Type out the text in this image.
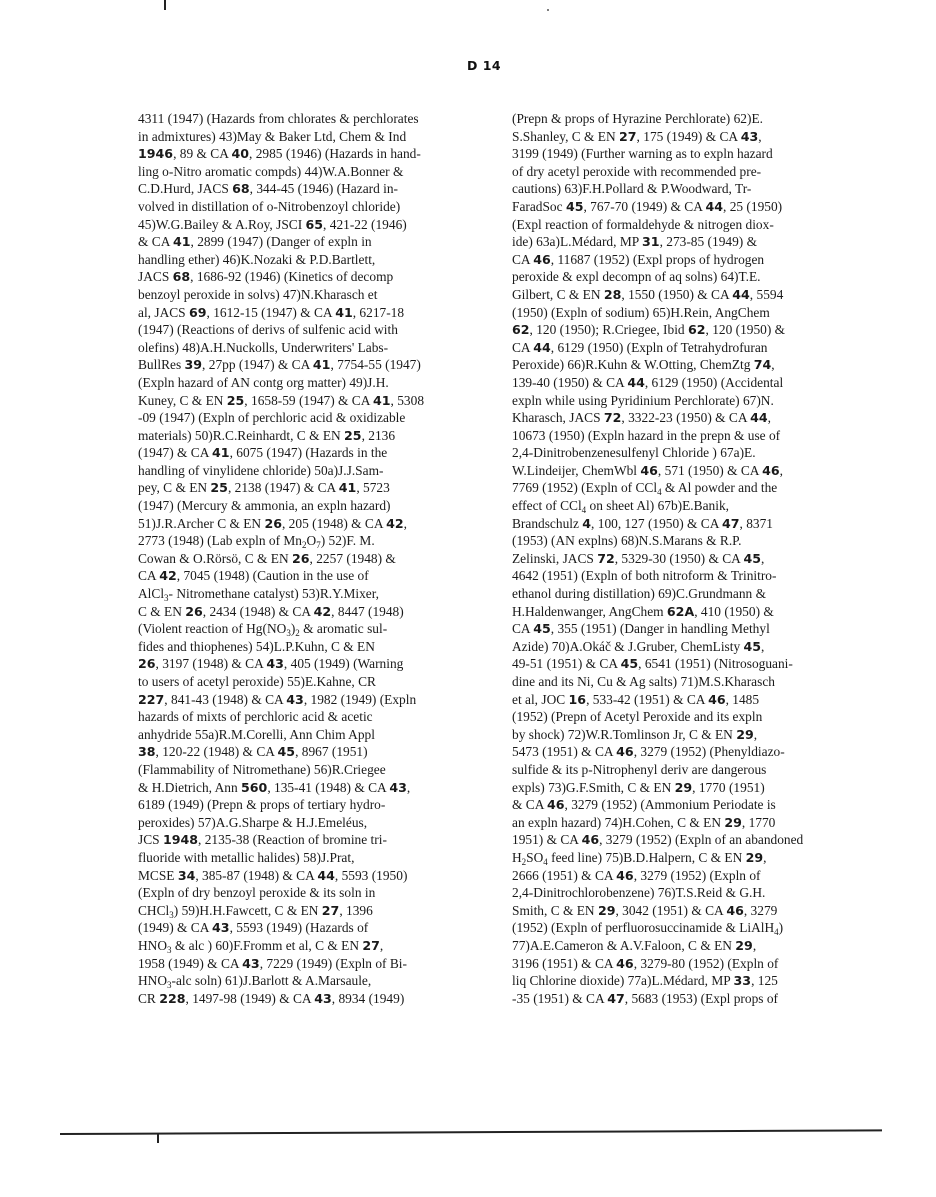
D 14
4311 (1947) (Hazards from chlorates & perchlorates
in admixtures) 43)May & Baker Ltd, Chem & Ind
1946, 89 & CA 40, 2985 (1946) (Hazards in hand-
ling o-Nitro aromatic compds) 44)W.A.Bonner &
C.D.Hurd, JACS 68, 344-45 (1946) (Hazard in-
volved in distillation of o-Nitrobenzoyl chloride)
45)W.G.Bailey & A.Roy, JSCI 65, 421-22 (1946)
& CA 41, 2899 (1947) (Danger of expln in
handling ether) 46)K.Nozaki & P.D.Bartlett,
JACS 68, 1686-92 (1946) (Kinetics of decomp
benzoyl peroxide in solvs) 47)N.Kharasch et
al, JACS 69, 1612-15 (1947) & CA 41, 6217-18
(1947) (Reactions of derivs of sulfenic acid with
olefins) 48)A.H.Nuckolls, Underwriters' Labs-
BullRes 39, 27pp (1947) & CA 41, 7754-55 (1947)
(Expln hazard of AN contg org matter) 49)J.H.
Kuney, C & EN 25, 1658-59 (1947) & CA 41, 5308
-09 (1947) (Expln of perchloric acid & oxidizable
materials) 50)R.C.Reinhardt, C & EN 25, 2136
(1947) & CA 41, 6075 (1947) (Hazards in the
handling of vinylidene chloride) 50a)J.J.Sam-
pey, C & EN 25, 2138 (1947) & CA 41, 5723
(1947) (Mercury & ammonia, an expln hazard)
51)J.R.Archer C & EN 26, 205 (1948) & CA 42,
2773 (1948) (Lab expln of $Mn_2O_7$) 52)F. M.
Cowan & O.Rörsö, C & EN 26, 2257 (1948) &
CA 42, 7045 (1948) (Caution in the use of
AlCl$_3$- Nitromethane catalyst) 53)R.Y.Mixer,
C & EN 26, 2434 (1948) & CA 42, 8447 (1948)
(Violent reaction of $Hg(NO_3)_2$ & aromatic sul-
fides and thiophenes) 54)L.P.Kuhn, C & EN
26, 3197 (1948) & CA 43, 405 (1949) (Warning
to users of acetyl peroxide) 55)E.Kahne, CR
227, 841-43 (1948) & CA 43, 1982 (1949) (Expln
hazards of mixts of perchloric acid & acetic
anhydride 55a)R.M.Corelli, Ann Chim Appl
38, 120-22 (1948) & CA 45, 8967 (1951)
(Flammability of Nitromethane) 56)R.Criegee
& H.Dietrich, Ann 560, 135-41 (1948) & CA 43,
6189 (1949) (Prepn & props of tertiary hydro-
peroxides) 57)A.G.Sharpe & H.J.Emeléus,
JCS 1948, 2135-38 (Reaction of bromine tri-
fluoride with metallic halides) 58)J.Prat,
MCSE 34, 385-87 (1948) & CA 44, 5593 (1950)
(Expln of dry benzoyl peroxide & its soln in
CHCl$_3$) 59)H.H.Fawcett, C & EN 27, 1396
(1949) & CA 43, 5593 (1949) (Hazards of
$HNO_3$ & alc ) 60)F.Fromm et al, C & EN 27,
1958 (1949) & CA 43, 7229 (1949) (Expln of Bi-
$HNO_3$-alc soln) 61)J.Barlott & A.Marsaule,
CR 228, 1497-98 (1949) & CA 43, 8934 (1949)
(Prepn & props of Hyrazine Perchlorate) 62)E.
S.Shanley, C & EN 27, 175 (1949) & CA 43,
3199 (1949) (Further warning as to expln hazard
of dry acetyl peroxide with recommended pre-
cautions) 63)F.H.Pollard & P.Woodward, Tr-
FaradSoc 45, 767-70 (1949) & CA 44, 25 (1950)
(Expl reaction of formaldehyde & nitrogen diox-
ide) 63a)L.Médard, MP 31, 273-85 (1949) &
CA 46, 11687 (1952) (Expl props of hydrogen
peroxide & expl decompn of aq solns) 64)T.E.
Gilbert, C & EN 28, 1550 (1950) & CA 44, 5594
(1950) (Expln of sodium) 65)H.Rein, AngChem
62, 120 (1950); R.Criegee, Ibid 62, 120 (1950) &
CA 44, 6129 (1950) (Expln of Tetrahydrofuran
Peroxide) 66)R.Kuhn & W.Otting, ChemZtg 74,
139-40 (1950) & CA 44, 6129 (1950) (Accidental
expln while using Pyridinium Perchlorate) 67)N.
Kharasch, JACS 72, 3322-23 (1950) & CA 44,
10673 (1950) (Expln hazard in the prepn & use of
2,4-Dinitrobenzenesulfenyl Chloride ) 67a)E.
W.Lindeijer, ChemWbl 46, 571 (1950) & CA 46,
7769 (1952) (Expln of CCl$_4$ & Al powder and the
effect of CCl$_4$ on sheet Al) 67b)E.Banik,
Brandschulz 4, 100, 127 (1950) & CA 47, 8371
(1953) (AN explns) 68)N.S.Marans & R.P.
Zelinski, JACS 72, 5329-30 (1950) & CA 45,
4642 (1951) (Expln of both nitroform & Trinitro-
ethanol during distillation) 69)C.Grundmann &
H.Haldenwanger, AngChem 62A, 410 (1950) &
CA 45, 355 (1951) (Danger in handling Methyl
Azide) 70)A.Okáč & J.Gruber, ChemListy 45,
49-51 (1951) & CA 45, 6541 (1951) (Nitrosoguani-
dine and its Ni, Cu & Ag salts) 71)M.S.Kharasch
et al, JOC 16, 533-42 (1951) & CA 46, 1485
(1952) (Prepn of Acetyl Peroxide and its expln
by shock) 72)W.R.Tomlinson Jr, C & EN 29,
5473 (1951) & CA 46, 3279 (1952) (Phenyldiazo-
sulfide & its p-Nitrophenyl deriv are dangerous
expls) 73)G.F.Smith, C & EN 29, 1770 (1951)
& CA 46, 3279 (1952) (Ammonium Periodate is
an expln hazard) 74)H.Cohen, C & EN 29, 1770
1951) & CA 46, 3279 (1952) (Expln of an abandoned
$H_2SO_4$ feed line) 75)B.D.Halpern, C & EN 29,
2666 (1951) & CA 46, 3279 (1952) (Expln of
2,4-Dinitrochlorobenzene) 76)T.S.Reid & G.H.
Smith, C & EN 29, 3042 (1951) & CA 46, 3279
(1952) (Expln of perfluorosuccinamide & LiAlH$_4$)
77)A.E.Cameron & A.V.Faloon, C & EN 29,
3196 (1951) & CA 46, 3279-80 (1952) (Expln of
liq Chlorine dioxide) 77a)L.Médard, MP 33, 125
-35 (1951) & CA 47, 5683 (1953) (Expl props of
